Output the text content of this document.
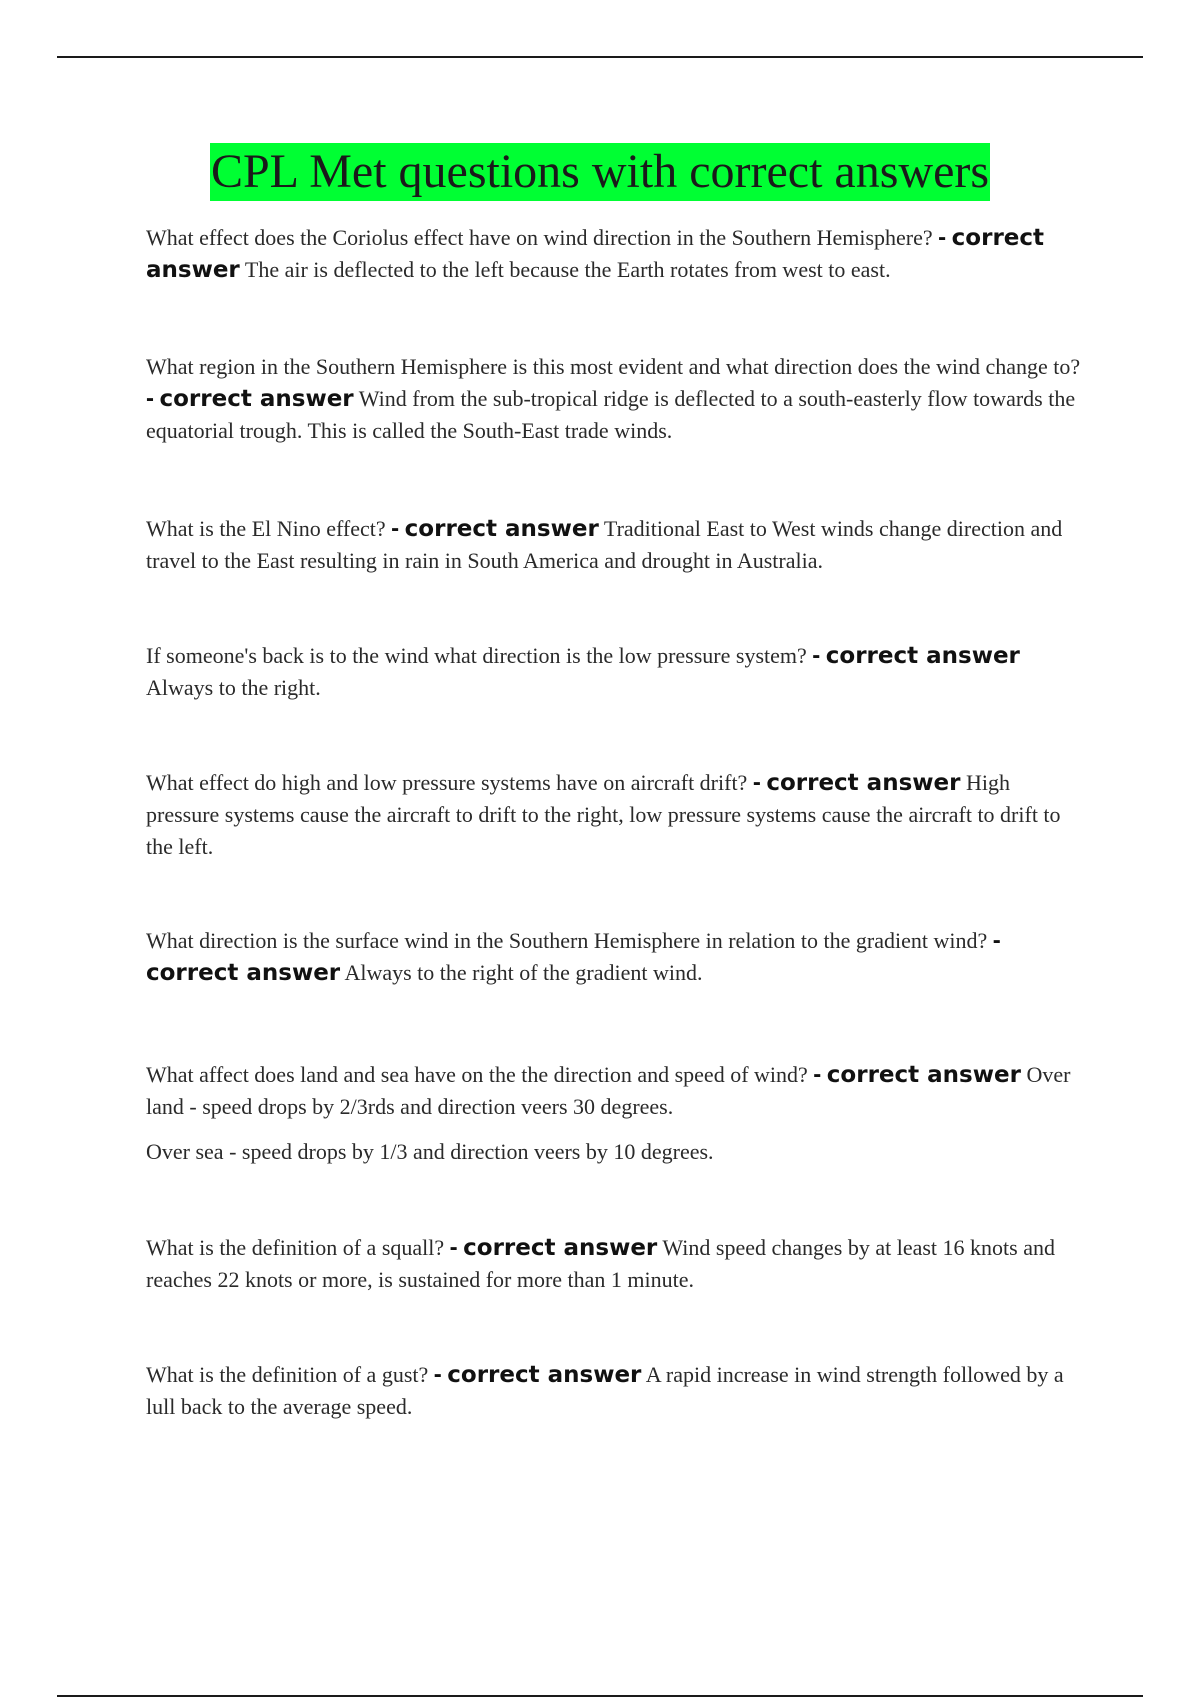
CPL Met questions with correct answers

What effect does the Coriolus effect have on wind direction in the Southern Hemisphere? - correct answer The air is deflected to the left because the Earth rotates from west to east.

What region in the Southern Hemisphere is this most evident and what direction does the wind change to? - correct answer Wind from the sub-tropical ridge is deflected to a south-easterly flow towards the equatorial trough. This is called the South-East trade winds.

What is the El Nino effect? - correct answer Traditional East to West winds change direction and travel to the East resulting in rain in South America and drought in Australia.

If someone's back is to the wind what direction is the low pressure system? - correct answer Always to the right.

What effect do high and low pressure systems have on aircraft drift? - correct answer High pressure systems cause the aircraft to drift to the right, low pressure systems cause the aircraft to drift to the left.

What direction is the surface wind in the Southern Hemisphere in relation to the gradient wind? - correct answer Always to the right of the gradient wind.

What affect does land and sea have on the the direction and speed of wind? - correct answer Over land - speed drops by 2/3rds and direction veers 30 degrees.

Over sea - speed drops by 1/3 and direction veers by 10 degrees.

What is the definition of a squall? - correct answer Wind speed changes by at least 16 knots and reaches 22 knots or more, is sustained for more than 1 minute.

What is the definition of a gust? - correct answer A rapid increase in wind strength followed by a lull back to the average speed.
